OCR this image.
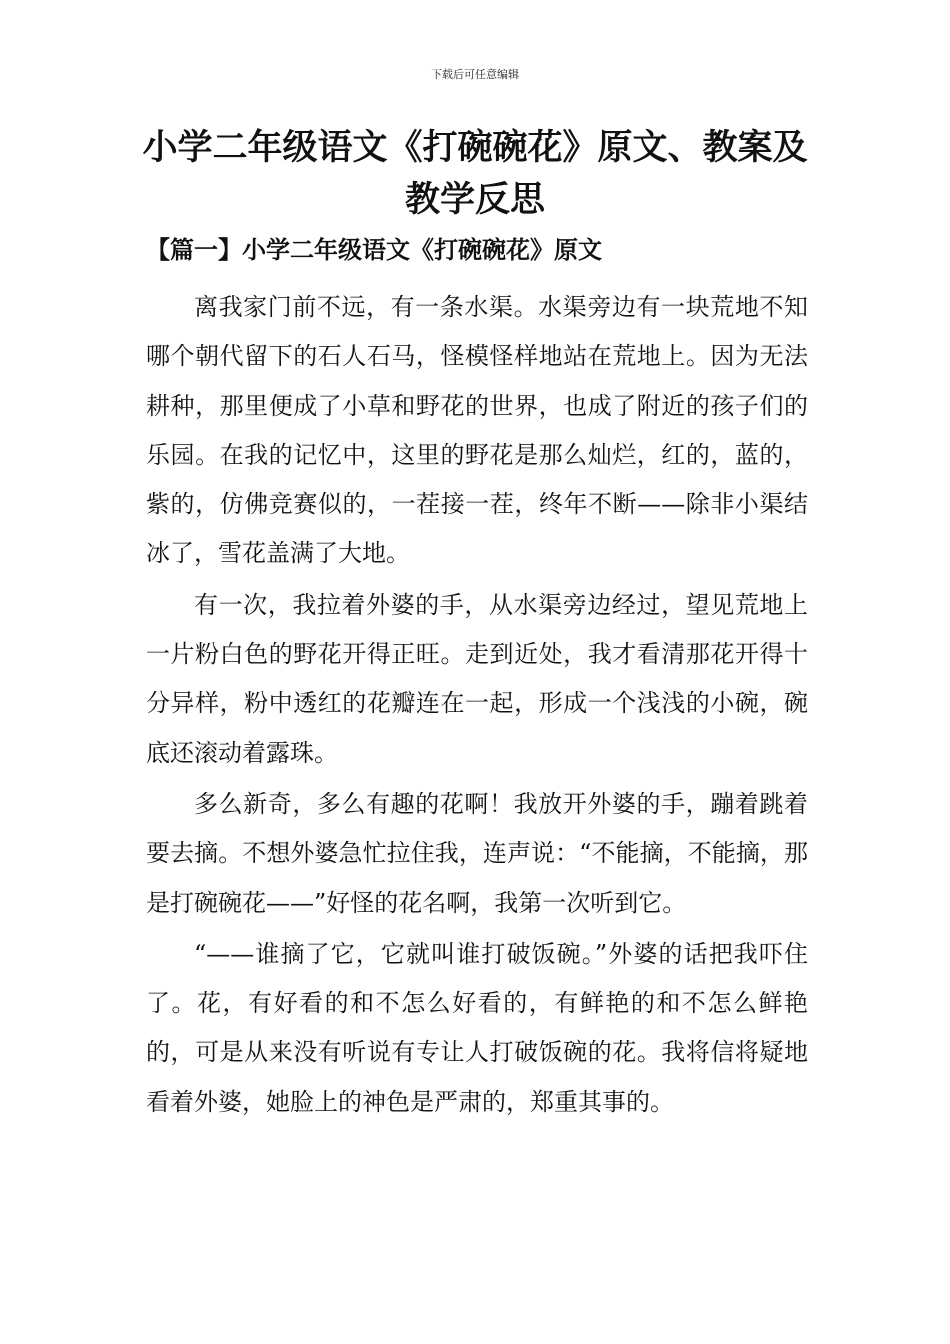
下载后可任意编辑
小学二年级语文《打碗碗花》原文、教案及教学反思
【篇一】小学二年级语文《打碗碗花》原文

离我家门前不远，有一条水渠。水渠旁边有一块荒地不知哪个朝代留下的石人石马，怪模怪样地站在荒地上。因为无法耕种，那里便成了小草和野花的世界，也成了附近的孩子们的乐园。在我的记忆中，这里的野花是那么灿烂，红的，蓝的，紫的，仿佛竞赛似的，一茬接一茬，终年不断——除非小渠结冰了，雪花盖满了大地。

有一次，我拉着外婆的手，从水渠旁边经过，望见荒地上一片粉白色的野花开得正旺。走到近处，我才看清那花开得十分异样，粉中透红的花瓣连在一起，形成一个浅浅的小碗，碗底还滚动着露珠。

多么新奇，多么有趣的花啊！我放开外婆的手，蹦着跳着要去摘。不想外婆急忙拉住我，连声说：“不能摘，不能摘，那是打碗碗花——”好怪的花名啊，我第一次听到它。

“——谁摘了它，它就叫谁打破饭碗。”外婆的话把我吓住了。花，有好看的和不怎么好看的，有鲜艳的和不怎么鲜艳的，可是从来没有听说有专让人打破饭碗的花。我将信将疑地看着外婆，她脸上的神色是严肃的，郑重其事的。
